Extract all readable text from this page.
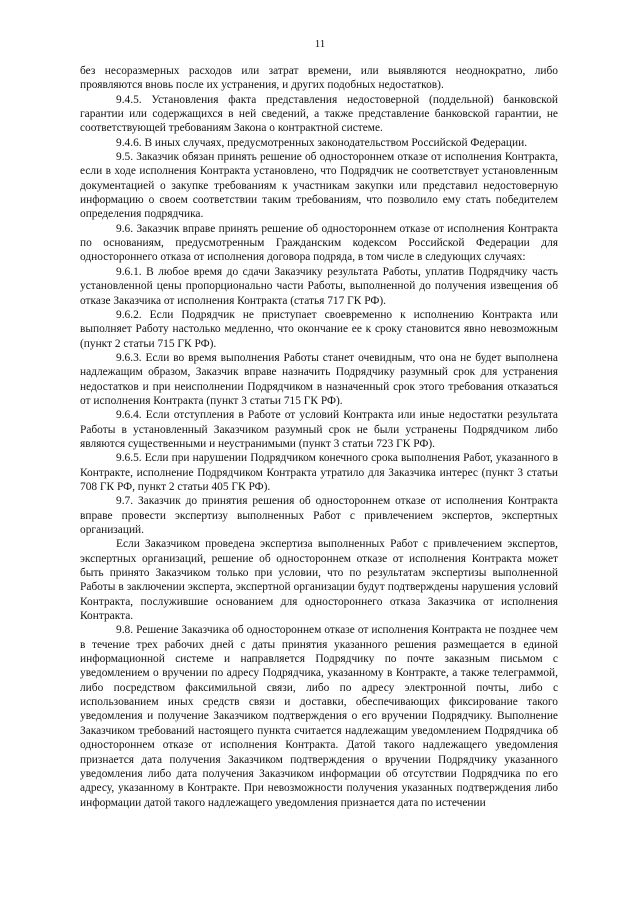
11

без несоразмерных расходов или затрат времени, или выявляются неоднократно, либо проявляются вновь после их устранения, и других подобных недостатков).

9.4.5. Установления факта представления недостоверной (поддельной) банковской гарантии или содержащихся в ней сведений, а также представление банковской гарантии, не соответствующей требованиям Закона о контрактной системе.

9.4.6. В иных случаях, предусмотренных законодательством Российской Федерации.

9.5. Заказчик обязан принять решение об одностороннем отказе от исполнения Контракта, если в ходе исполнения Контракта установлено, что Подрядчик не соответствует установленным документацией о закупке требованиям к участникам закупки или представил недостоверную информацию о своем соответствии таким требованиям, что позволило ему стать победителем определения подрядчика.

9.6. Заказчик вправе принять решение об одностороннем отказе от исполнения Контракта по основаниям, предусмотренным Гражданским кодексом Российской Федерации для одностороннего отказа от исполнения договора подряда, в том числе в следующих случаях:

9.6.1. В любое время до сдачи Заказчику результата Работы, уплатив Подрядчику часть установленной цены пропорционально части Работы, выполненной до получения извещения об отказе Заказчика от исполнения Контракта (статья 717 ГК РФ).

9.6.2. Если Подрядчик не приступает своевременно к исполнению Контракта или выполняет Работу настолько медленно, что окончание ее к сроку становится явно невозможным (пункт 2 статьи 715 ГК РФ).

9.6.3. Если во время выполнения Работы станет очевидным, что она не будет выполнена надлежащим образом, Заказчик вправе назначить Подрядчику разумный срок для устранения недостатков и при неисполнении Подрядчиком в назначенный срок этого требования отказаться от исполнения Контракта (пункт 3 статьи 715 ГК РФ).

9.6.4. Если отступления в Работе от условий Контракта или иные недостатки результата Работы в установленный Заказчиком разумный срок не были устранены Подрядчиком либо являются существенными и неустранимыми (пункт 3 статьи 723 ГК РФ).

9.6.5. Если при нарушении Подрядчиком конечного срока выполнения Работ, указанного в Контракте, исполнение Подрядчиком Контракта утратило для Заказчика интерес (пункт 3 статьи 708 ГК РФ, пункт 2 статьи 405 ГК РФ).

9.7. Заказчик до принятия решения об одностороннем отказе от исполнения Контракта вправе провести экспертизу выполненных Работ с привлечением экспертов, экспертных организаций.

Если Заказчиком проведена экспертиза выполненных Работ с привлечением экспертов, экспертных организаций, решение об одностороннем отказе от исполнения Контракта может быть принято Заказчиком только при условии, что по результатам экспертизы выполненной Работы в заключении эксперта, экспертной организации будут подтверждены нарушения условий Контракта, послужившие основанием для одностороннего отказа Заказчика от исполнения Контракта.

9.8. Решение Заказчика об одностороннем отказе от исполнения Контракта не позднее чем в течение трех рабочих дней с даты принятия указанного решения размещается в единой информационной системе и направляется Подрядчику по почте заказным письмом с уведомлением о вручении по адресу Подрядчика, указанному в Контракте, а также телеграммой, либо посредством факсимильной связи, либо по адресу электронной почты, либо с использованием иных средств связи и доставки, обеспечивающих фиксирование такого уведомления и получение Заказчиком подтверждения о его вручении Подрядчику. Выполнение Заказчиком требований настоящего пункта считается надлежащим уведомлением Подрядчика об одностороннем отказе от исполнения Контракта. Датой такого надлежащего уведомления признается дата получения Заказчиком подтверждения о вручении Подрядчику указанного уведомления либо дата получения Заказчиком информации об отсутствии Подрядчика по его адресу, указанному в Контракте. При невозможности получения указанных подтверждения либо информации датой такого надлежащего уведомления признается дата по истечении
